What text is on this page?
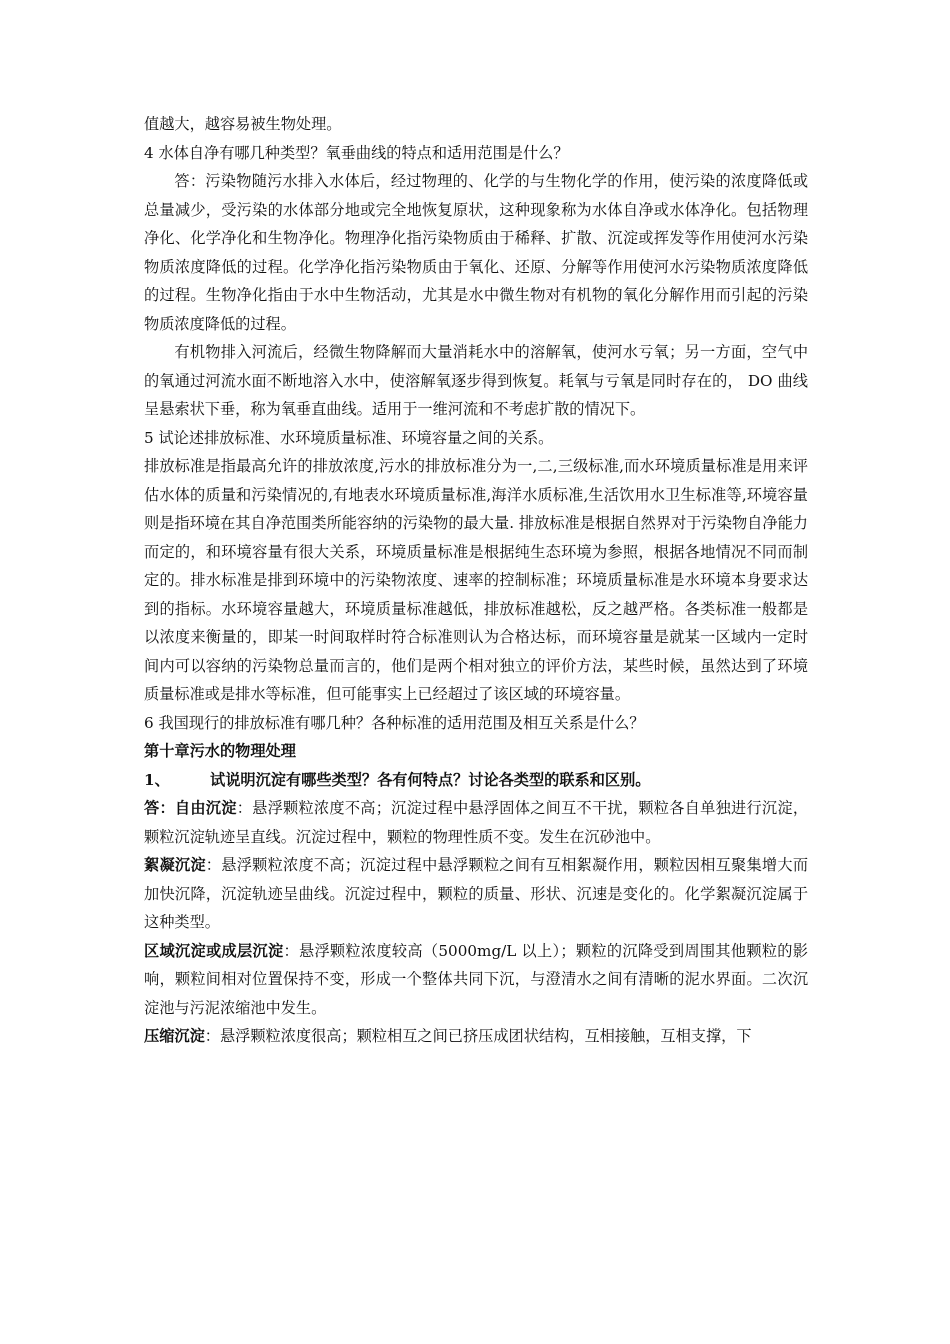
值越大，越容易被生物处理。

4 水体自净有哪几种类型？氧垂曲线的特点和适用范围是什么？

答：污染物随污水排入水体后，经过物理的、化学的与生物化学的作用，使污染的浓度降低或总量减少，受污染的水体部分地或完全地恢复原状，这种现象称为水体自净或水体净化。包括物理净化、化学净化和生物净化。物理净化指污染物质由于稀释、扩散、沉淀或挥发等作用使河水污染物质浓度降低的过程。化学净化指污染物质由于氧化、还原、分解等作用使河水污染物质浓度降低的过程。生物净化指由于水中生物活动，尤其是水中微生物对有机物的氧化分解作用而引起的污染物质浓度降低的过程。

有机物排入河流后，经微生物降解而大量消耗水中的溶解氧，使河水亏氧；另一方面，空气中的氧通过河流水面不断地溶入水中，使溶解氧逐步得到恢复。耗氧与亏氧是同时存在的， DO 曲线呈悬索状下垂，称为氧垂直曲线。适用于一维河流和不考虑扩散的情况下。

5 试论述排放标准、水环境质量标准、环境容量之间的关系。

排放标准是指最高允许的排放浓度,污水的排放标准分为一,二,三级标准,而水环境质量标准是用来评估水体的质量和污染情况的,有地表水环境质量标准,海洋水质标准,生活饮用水卫生标准等,环境容量则是指环境在其自净范围类所能容纳的污染物的最大量. 排放标准是根据自然界对于污染物自净能力而定的，和环境容量有很大关系，环境质量标准是根据纯生态环境为参照，根据各地情况不同而制定的。排水标准是排到环境中的污染物浓度、速率的控制标准；环境质量标准是水环境本身要求达到的指标。水环境容量越大，环境质量标准越低，排放标准越松，反之越严格。各类标准一般都是以浓度来衡量的，即某一时间取样时符合标准则认为合格达标，而环境容量是就某一区域内一定时间内可以容纳的污染物总量而言的，他们是两个相对独立的评价方法，某些时候，虽然达到了环境质量标准或是排水等标准，但可能事实上已经超过了该区域的环境容量。

6 我国现行的排放标准有哪几种？各种标准的适用范围及相互关系是什么？

第十章污水的物理处理

1、	试说明沉淀有哪些类型？各有何特点？讨论各类型的联系和区别。

答：自由沉淀：悬浮颗粒浓度不高；沉淀过程中悬浮固体之间互不干扰，颗粒各自单独进行沉淀， 颗粒沉淀轨迹呈直线。沉淀过程中，颗粒的物理性质不变。发生在沉砂池中。

絮凝沉淀：悬浮颗粒浓度不高；沉淀过程中悬浮颗粒之间有互相絮凝作用，颗粒因相互聚集增大而加快沉降，沉淀轨迹呈曲线。沉淀过程中，颗粒的质量、形状、沉速是变化的。化学絮凝沉淀属于这种类型。

区域沉淀或成层沉淀：悬浮颗粒浓度较高（5000mg/L 以上）；颗粒的沉降受到周围其他颗粒的影响，颗粒间相对位置保持不变，形成一个整体共同下沉，与澄清水之间有清晰的泥水界面。二次沉淀池与污泥浓缩池中发生。

压缩沉淀：悬浮颗粒浓度很高；颗粒相互之间已挤压成团状结构，互相接触，互相支撑，下
